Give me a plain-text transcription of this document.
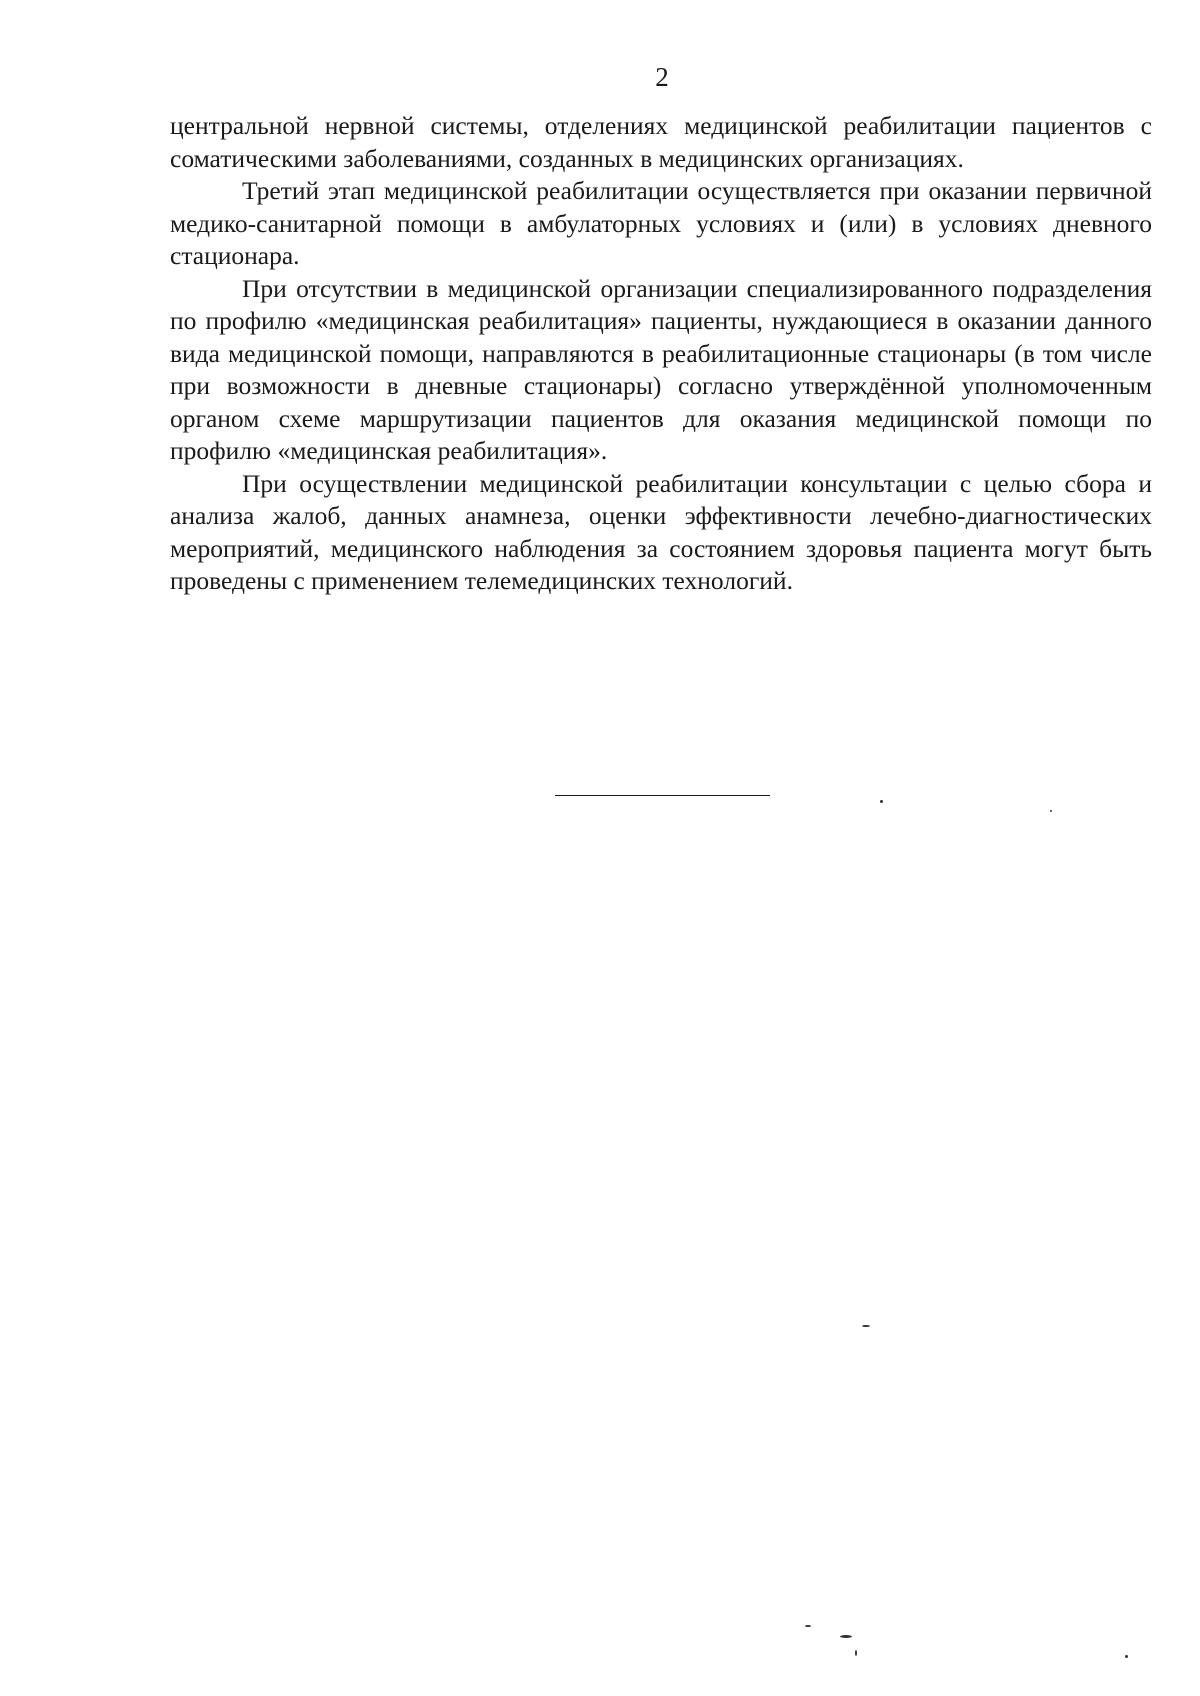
2

центральной нервной системы, отделениях медицинской реабилитации пациентов с соматическими заболеваниями, созданных в медицинских организациях.

Третий этап медицинской реабилитации осуществляется при оказании первичной медико-санитарной помощи в амбулаторных условиях и (или) в условиях дневного стационара.

При отсутствии в медицинской организации специализированного подразделения по профилю «медицинская реабилитация» пациенты, нуждающиеся в оказании данного вида медицинской помощи, направляются в реабилитационные стационары (в том числе при возможности в дневные стационары) согласно утверждённой уполномоченным органом схеме маршрутизации пациентов для оказания медицинской помощи по профилю «медицинская реабилитация».

При осуществлении медицинской реабилитации консультации с целью сбора и анализа жалоб, данных анамнеза, оценки эффективности лечебно-диагностических мероприятий, медицинского наблюдения за состоянием здоровья пациента могут быть проведены с применением телемедицинских технологий.
